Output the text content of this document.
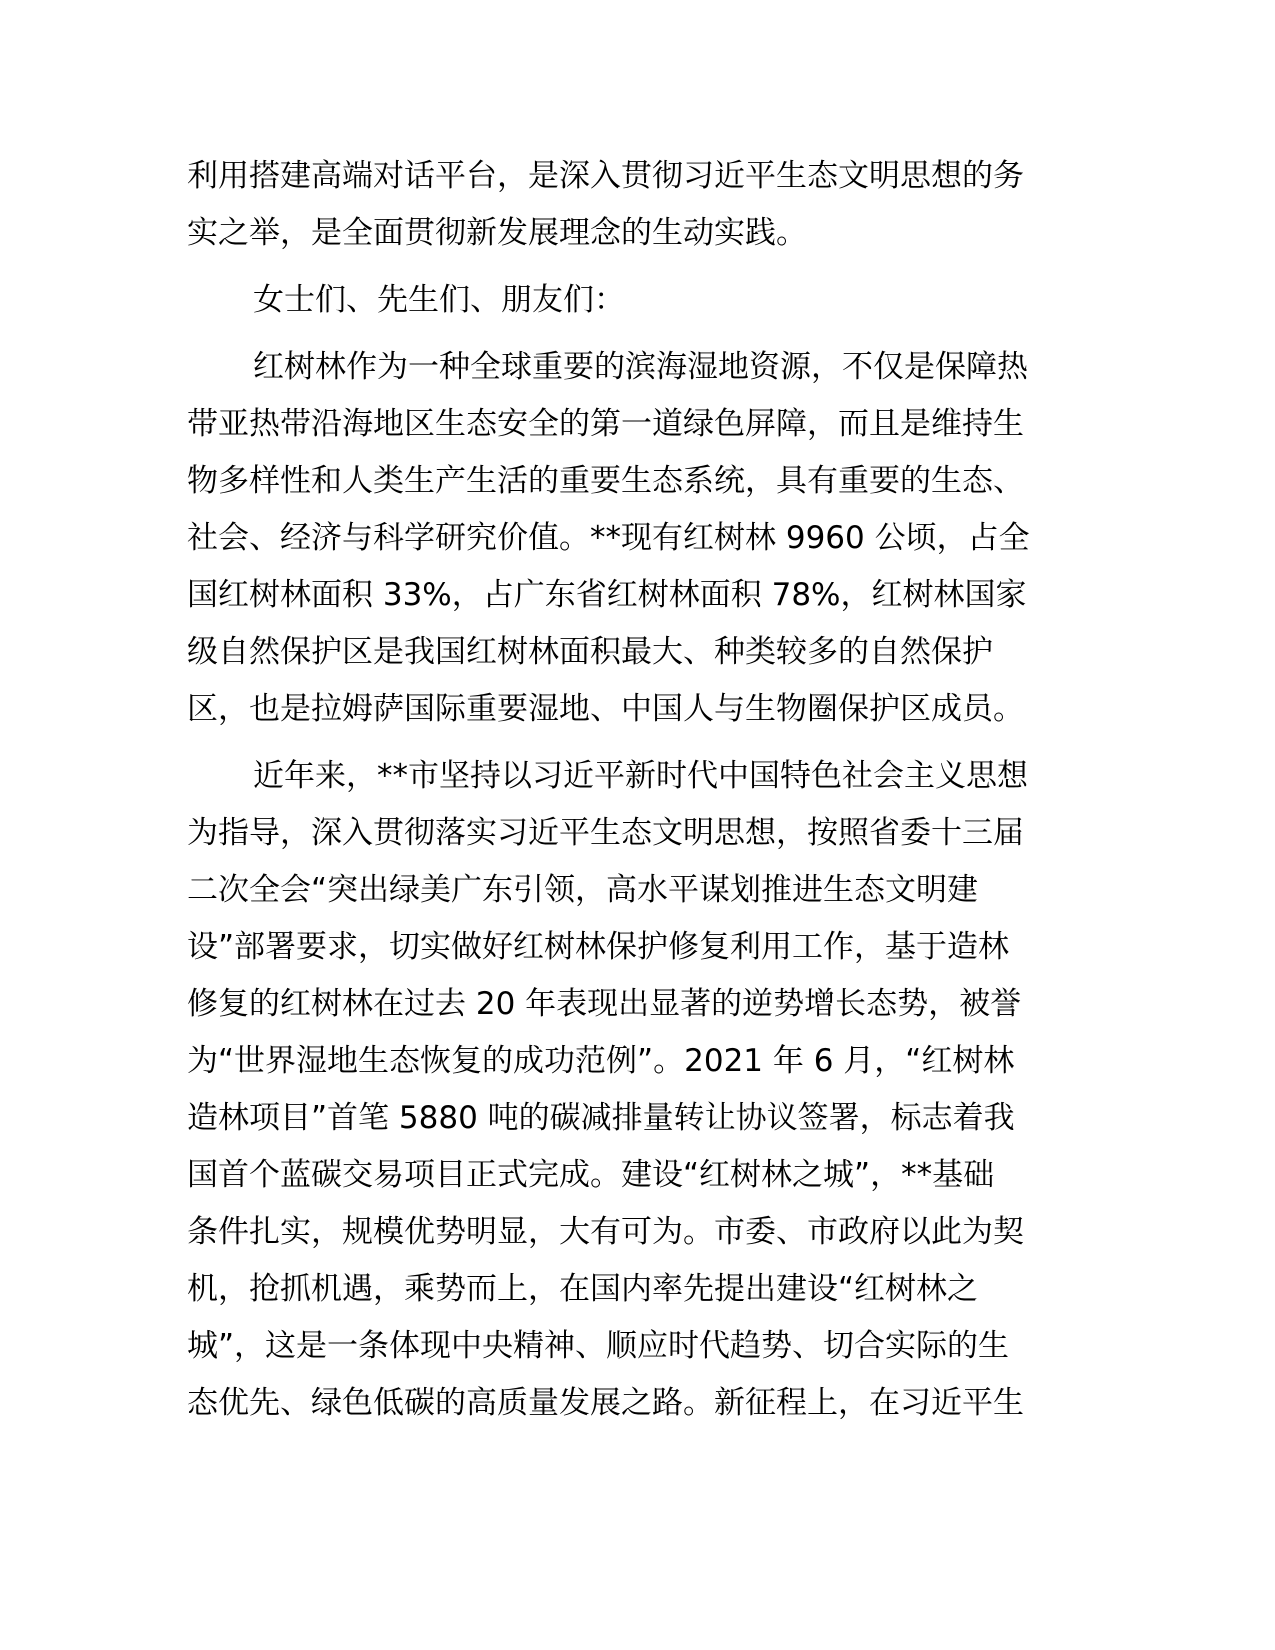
利用搭建高端对话平台，是深入贯彻习近平生态文明思想的务

实之举，是全面贯彻新发展理念的生动实践。

女士们、先生们、朋友们：

红树林作为一种全球重要的滨海湿地资源，不仅是保障热

带亚热带沿海地区生态安全的第一道绿色屏障，而且是维持生

物多样性和人类生产生活的重要生态系统，具有重要的生态、

社会、经济与科学研究价值。**现有红树林 9960 公顷，占全

国红树林面积 33%，占广东省红树林面积 78%，红树林国家

级自然保护区是我国红树林面积最大、种类较多的自然保护

区，也是拉姆萨国际重要湿地、中国人与生物圈保护区成员。

近年来，**市坚持以习近平新时代中国特色社会主义思想

为指导，深入贯彻落实习近平生态文明思想，按照省委十三届

二次全会“突出绿美广东引领，高水平谋划推进生态文明建

设”部署要求，切实做好红树林保护修复利用工作，基于造林

修复的红树林在过去 20 年表现出显著的逆势增长态势，被誉

为“世界湿地生态恢复的成功范例”。2021 年 6 月，“红树林

造林项目”首笔 5880 吨的碳减排量转让协议签署，标志着我

国首个蓝碳交易项目正式完成。建设“红树林之城”，**基础

条件扎实，规模优势明显，大有可为。市委、市政府以此为契

机，抢抓机遇，乘势而上，在国内率先提出建设“红树林之

城”，这是一条体现中央精神、顺应时代趋势、切合实际的生

态优先、绿色低碳的高质量发展之路。新征程上，在习近平生
